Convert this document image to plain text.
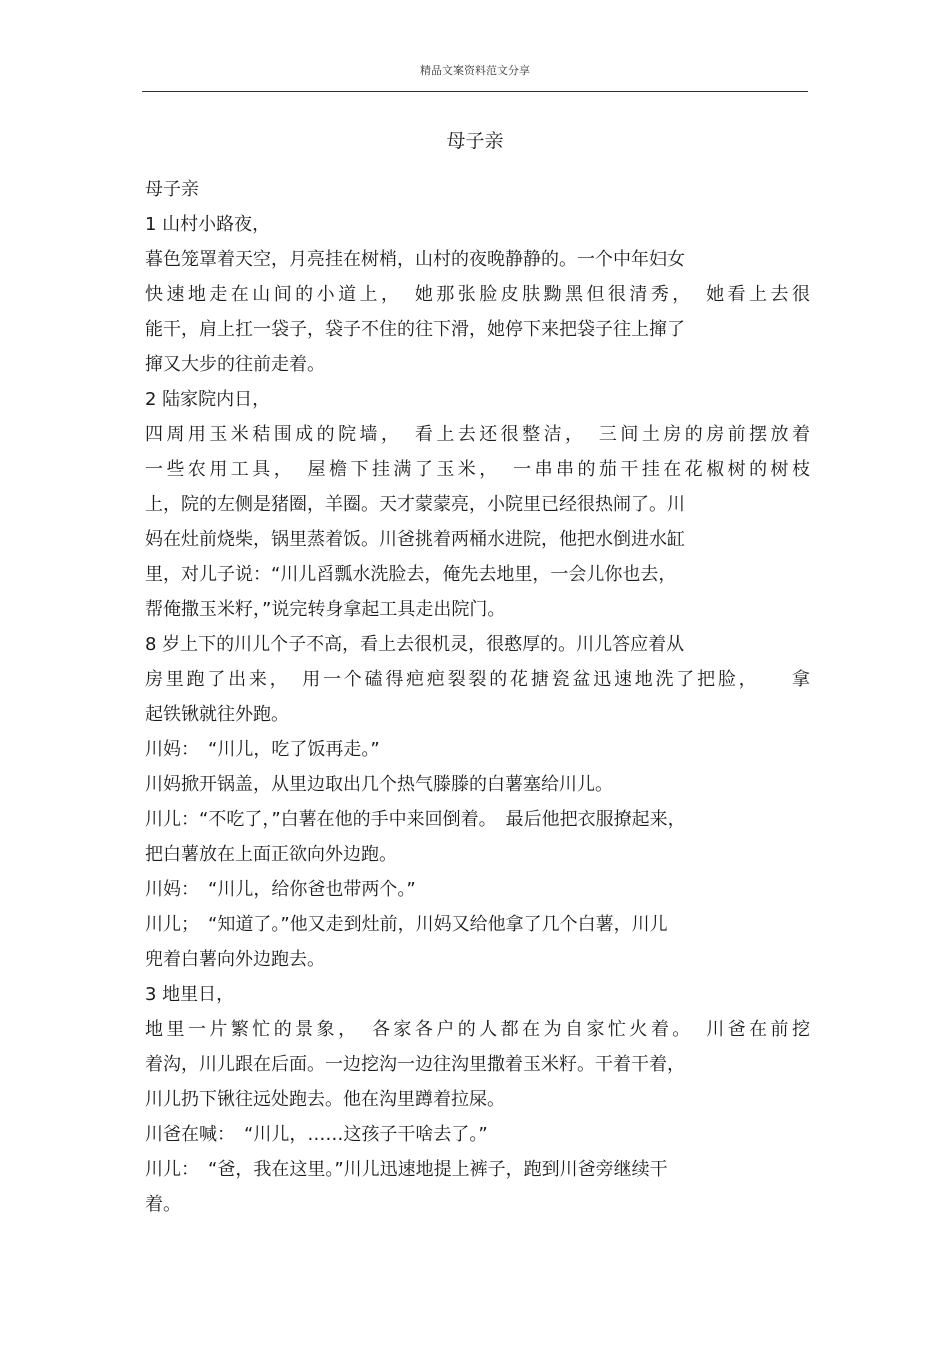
精品文案资料范文分享
母子亲
母子亲
1 山村小路夜，
暮色笼罩着天空，月亮挂在树梢，山村的夜晚静静的。一个中年妇女
快速地走在山间的小道上，　她那张脸皮肤黝黑但很清秀，　她看上去很
能干，肩上扛一袋子，袋子不住的往下滑，她停下来把袋子往上撺了
撺又大步的往前走着。
2 陆家院内日，
四周用玉米秸围成的院墙，　看上去还很整洁，　三间土房的房前摆放着
一些农用工具，　屋檐下挂满了玉米，　一串串的茄干挂在花椒树的树枝
上，院的左侧是猪圈，羊圈。天才蒙蒙亮，小院里已经很热闹了。川
妈在灶前烧柴，锅里蒸着饭。川爸挑着两桶水进院，他把水倒进水缸
里，对儿子说：“川儿舀瓢水洗脸去，俺先去地里，一会儿你也去，
帮俺撒玉米籽，”说完转身拿起工具走出院门。
8 岁上下的川儿个子不高，看上去很机灵，很憨厚的。川儿答应着从
房里跑了出来，　用一个磕得疤疤裂裂的花搪瓷盆迅速地洗了把脸，　　拿
起铁锹就往外跑。
川妈：　“川儿，吃了饭再走。”
川妈掀开锅盖，从里边取出几个热气滕滕的白薯塞给川儿。
川儿：“不吃了，”白薯在他的手中来回倒着。　最后他把衣服撩起来，
把白薯放在上面正欲向外边跑。
川妈：　“川儿，给你爸也带两个。”
川儿；　“知道了。”他又走到灶前，川妈又给他拿了几个白薯，川儿
兜着白薯向外边跑去。
3 地里日，
地里一片繁忙的景象，　各家各户的人都在为自家忙火着。　川爸在前挖
着沟，川儿跟在后面。一边挖沟一边往沟里撒着玉米籽。干着干着，
川儿扔下锹往远处跑去。他在沟里蹲着拉屎。
川爸在喊：　“川儿，……这孩子干啥去了。”
川儿：　“爸，我在这里。”川儿迅速地提上裤子，跑到川爸旁继续干
着。
